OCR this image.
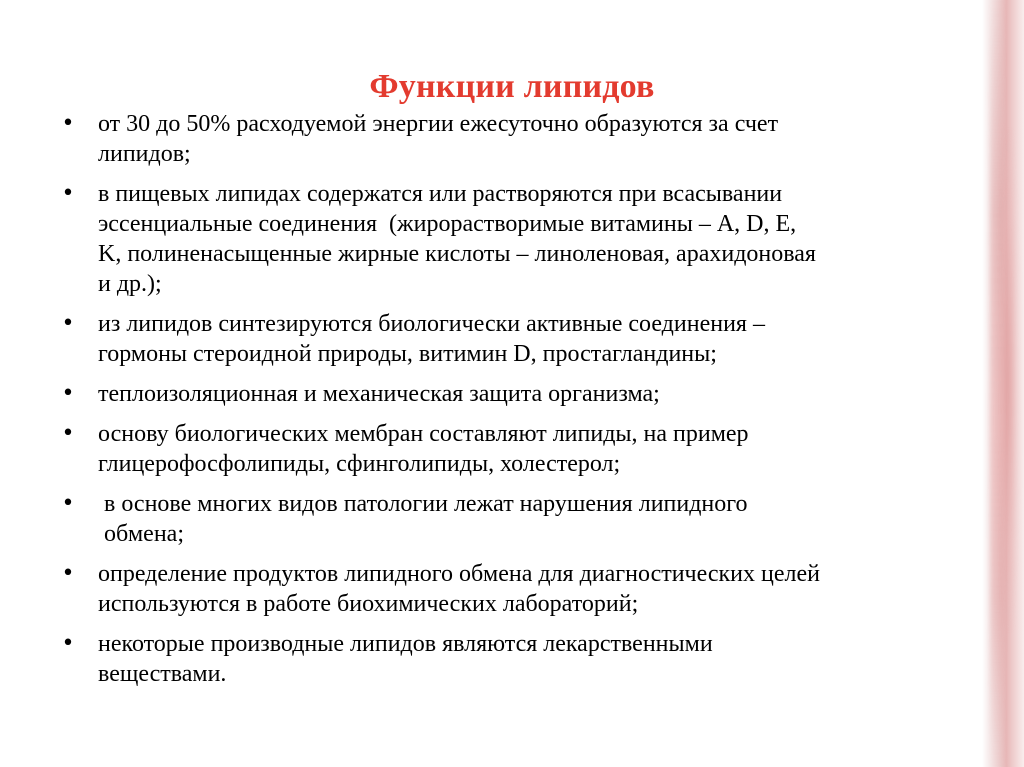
Функции липидов
• от 30 до 50% расходуемой энергии ежесуточно образуются за счет
липидов;
• в пищевых липидах содержатся или растворяются при всасывании
эссенциальные соединения  (жирорастворимые витамины – A, D, E,
K, полиненасыщенные жирные кислоты – линоленовая, арахидоновая
и др.);
• из липидов синтезируются биологически активные соединения –
гормоны стероидной природы, витимин D, простагландины;
• теплоизоляционная и механическая защита организма;
• основу биологических мембран составляют липиды, на пример
глицерофосфолипиды, сфинголипиды, холестерол;
• в основе многих видов патологии лежат нарушения липидного
обмена;
• определение продуктов липидного обмена для диагностических целей
используются в работе биохимических лабораторий;
• некоторые производные липидов являются лекарственными
веществами.
